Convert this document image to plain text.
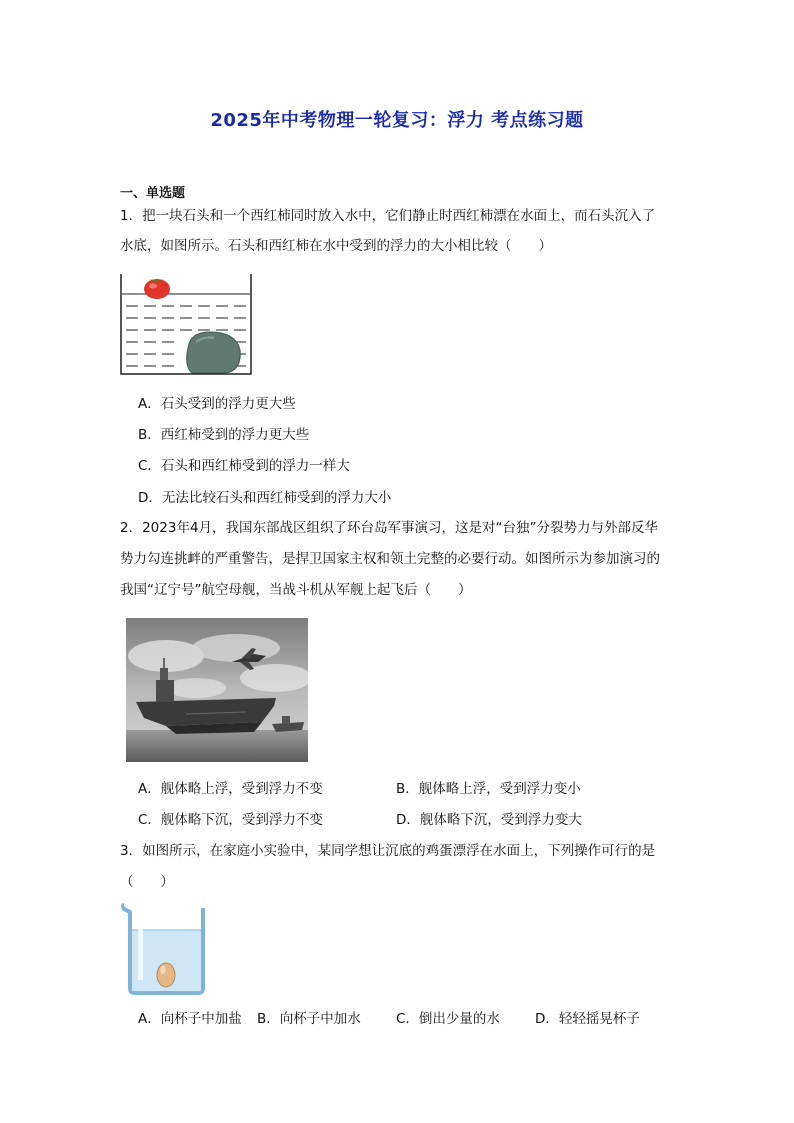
2025年中考物理一轮复习：浮力 考点练习题
一、单选题
1．把一块石头和一个西红柿同时放入水中，它们静止时西红柿漂在水面上，而石头沉入了
水底，如图所示。石头和西红柿在水中受到的浮力的大小相比较（　　）
A．石头受到的浮力更大些
B．西红柿受到的浮力更大些
C．石头和西红柿受到的浮力一样大
D．无法比较石头和西红柿受到的浮力大小
2．2023年4月，我国东部战区组织了环台岛军事演习，这是对“台独”分裂势力与外部反华
势力勾连挑衅的严重警告，是捍卫国家主权和领土完整的必要行动。如图所示为参加演习的
我国“辽宁号”航空母舰，当战斗机从军舰上起飞后（　　）
A．舰体略上浮，受到浮力不变	B．舰体略上浮，受到浮力变小
C．舰体略下沉，受到浮力不变	D．舰体略下沉，受到浮力变大
3．如图所示，在家庭小实验中，某同学想让沉底的鸡蛋漂浮在水面上，下列操作可行的是
（　　）
A．向杯子中加盐 B．向杯子中加水	C．倒出少量的水	D．轻轻摇晃杯子
